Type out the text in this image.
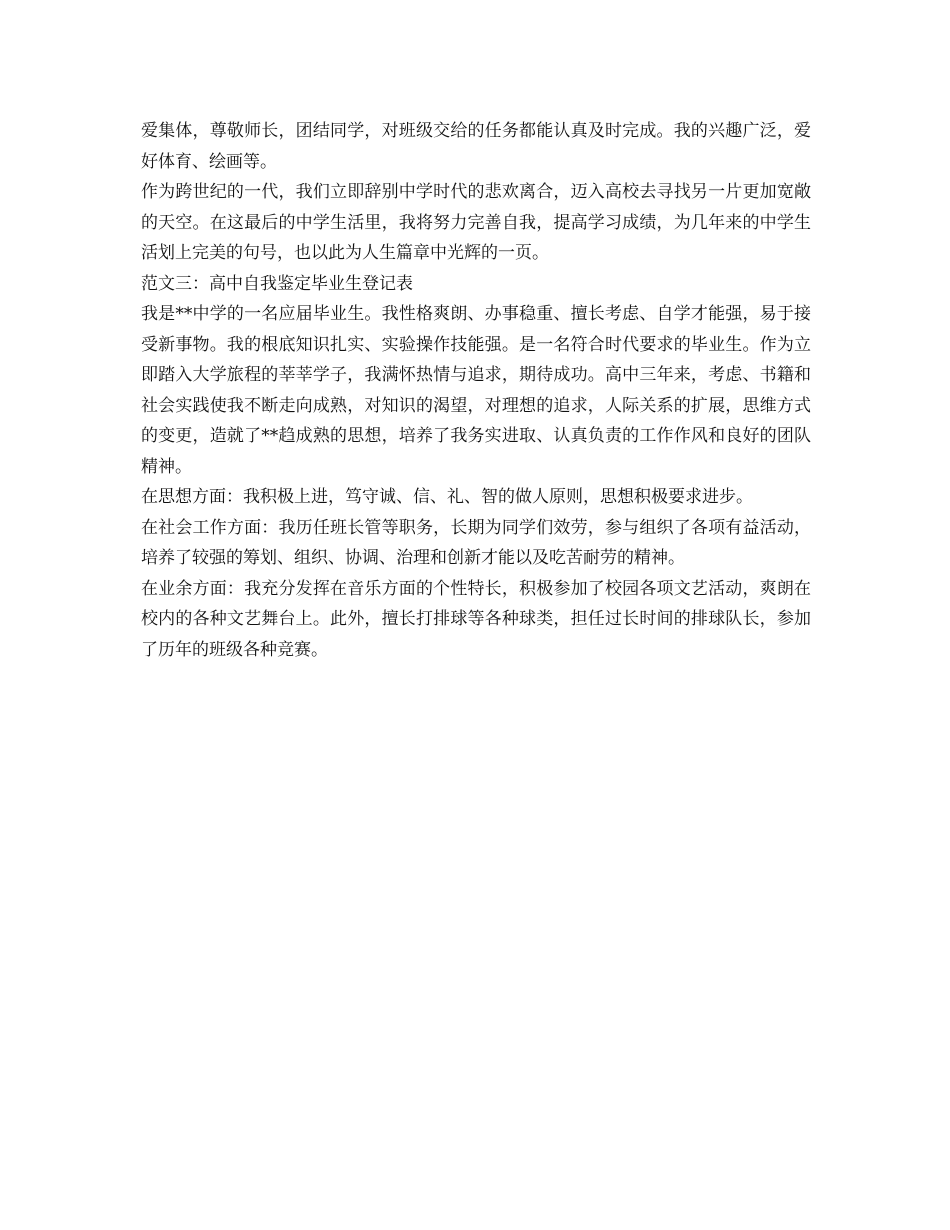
爱集体，尊敬师长，团结同学，对班级交给的任务都能认真及时完成。我的兴趣广泛，爱好体育、绘画等。

作为跨世纪的一代，我们立即辞别中学时代的悲欢离合，迈入高校去寻找另一片更加宽敞的天空。在这最后的中学生活里，我将努力完善自我，提高学习成绩，为几年来的中学生活划上完美的句号，也以此为人生篇章中光辉的一页。

范文三：高中自我鉴定毕业生登记表

我是**中学的一名应届毕业生。我性格爽朗、办事稳重、擅长考虑、自学才能强，易于接受新事物。我的根底知识扎实、实验操作技能强。是一名符合时代要求的毕业生。作为立即踏入大学旅程的莘莘学子，我满怀热情与追求，期待成功。高中三年来，考虑、书籍和社会实践使我不断走向成熟，对知识的渴望，对理想的追求，人际关系的扩展，思维方式的变更，造就了**趋成熟的思想，培养了我务实进取、认真负责的工作作风和良好的团队精神。

在思想方面：我积极上进，笃守诚、信、礼、智的做人原则，思想积极要求进步。

在社会工作方面：我历任班长管等职务，长期为同学们效劳，参与组织了各项有益活动，培养了较强的筹划、组织、协调、治理和创新才能以及吃苦耐劳的精神。

在业余方面：我充分发挥在音乐方面的个性特长，积极参加了校园各项文艺活动，爽朗在校内的各种文艺舞台上。此外，擅长打排球等各种球类，担任过长时间的排球队长，参加了历年的班级各种竞赛。
